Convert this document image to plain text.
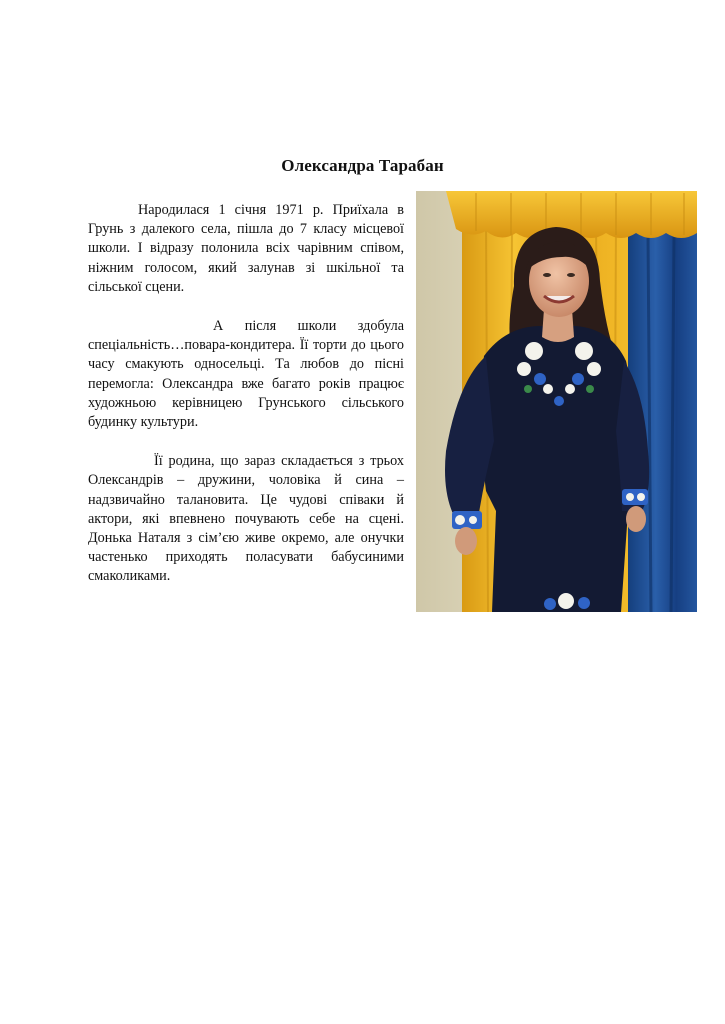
Олександра Тарабан

Народилася 1 січня 1971 р. Приїхала в Грунь з далекого села, пішла до 7 класу місцевої школи. І відразу полонила всіх чарівним співом, ніжним голосом, який залунав зі шкільної та сільської сцени.

А після школи здобула спеціальність…повара-кондитера. Її торти до цього часу смакують односельці. Та любов до пісні перемогла: Олександра вже багато років працює художньою керівницею Грунського сільського будинку культури.

Її родина, що зараз складається з трьох Олександрів – дружини, чоловіка й сина – надзвичайно талановита. Це чудові співаки й актори, які впевнено почувають себе на сцені. Донька Наталя з сім’єю живе окремо, але онучки частенько приходять поласувати бабусиними смаколиками.
